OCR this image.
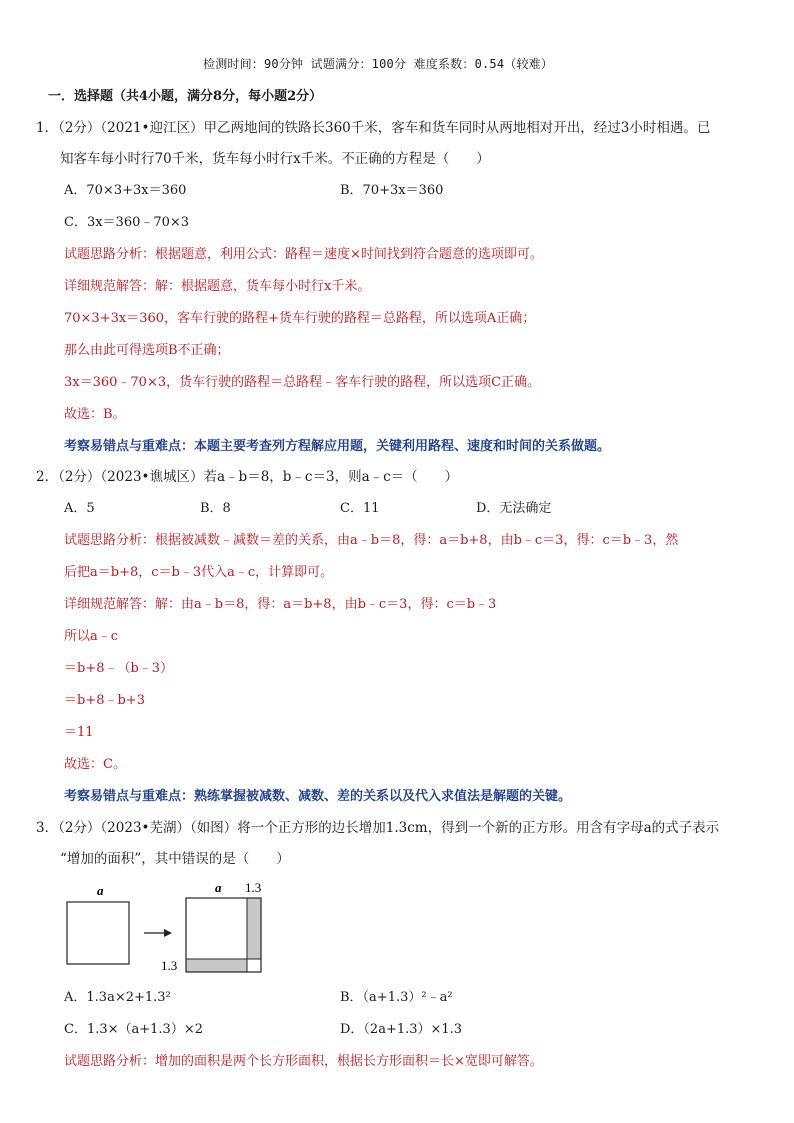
检测时间：90分钟 试题满分：100分 难度系数：0.54（较难）
一．选择题（共4小题，满分8分，每小题2分）
1．（2分）（2021•迎江区）甲乙两地间的铁路长360千米，客车和货车同时从两地相对开出，经过3小时相遇。已
知客车每小时行70千米，货车每小时行x千米。不正确的方程是（　　）
A．70×3+3x＝360	B．70+3x＝360
C．3x＝360﹣70×3
试题思路分析：根据题意，利用公式：路程＝速度×时间找到符合题意的选项即可。
详细规范解答：解：根据题意，货车每小时行x千米。
70×3+3x＝360，客车行驶的路程+货车行驶的路程＝总路程，所以选项A正确；
那么由此可得选项B不正确；
3x＝360﹣70×3，货车行驶的路程＝总路程﹣客车行驶的路程，所以选项C正确。
故选：B。
考察易错点与重难点：本题主要考查列方程解应用题，关键利用路程、速度和时间的关系做题。
2．（2分）（2023•谯城区）若a﹣b＝8，b﹣c＝3，则a﹣c＝（　　）
A．5	B．8	C．11	D．无法确定
试题思路分析：根据被减数﹣减数＝差的关系，由a﹣b＝8，得：a＝b+8，由b﹣c＝3，得：c＝b﹣3，然
后把a＝b+8，c＝b﹣3代入a﹣c，计算即可。
详细规范解答：解：由a﹣b＝8，得：a＝b+8，由b﹣c＝3，得：c＝b﹣3
所以a﹣c
＝b+8﹣（b﹣3）
＝b+8﹣b+3
＝11
故选：C。
考察易错点与重难点：熟练掌握被减数、减数、差的关系以及代入求值法是解题的关键。
3．（2分）（2023•芜湖）（如图）将一个正方形的边长增加1.3cm，得到一个新的正方形。用含有字母a的式子表示
“增加的面积”，其中错误的是（　　）
a	a 1.3
1.3
A．1.3a×2+1.3²	B．（a+1.3）²﹣a²
C．1.3×（a+1.3）×2	D．（2a+1.3）×1.3
试题思路分析：增加的面积是两个长方形面积，根据长方形面积＝长×宽即可解答。
